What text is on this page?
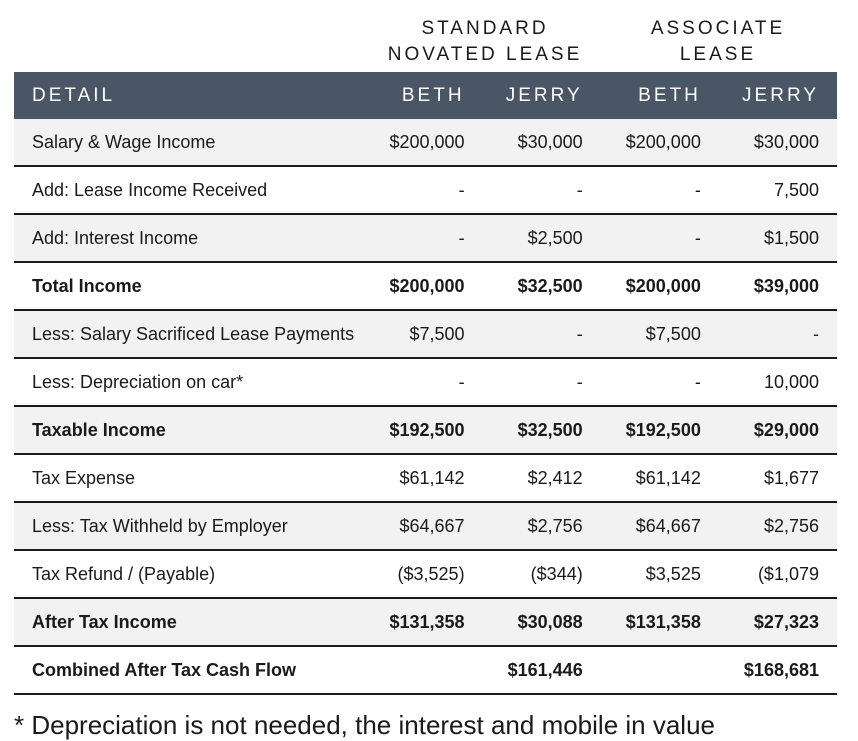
STANDARD
NOVATED LEASE
ASSOCIATE
LEASE
DETAIL	BETH	JERRY	BETH	JERRY
Salary & Wage Income	$200,000	$30,000	$200,000	$30,000
Add: Lease Income Received	-	-	-	7,500
Add: Interest Income	-	$2,500	-	$1,500
Total Income	$200,000	$32,500	$200,000	$39,000
Less: Salary Sacrificed Lease Payments	$7,500	-	$7,500	-
Less: Depreciation on car*	-	-	-	10,000
Taxable Income	$192,500	$32,500	$192,500	$29,000
Tax Expense	$61,142	$2,412	$61,142	$1,677
Less: Tax Withheld by Employer	$64,667	$2,756	$64,667	$2,756
Tax Refund / (Payable)	($3,525)	($344)	$3,525	($1,079
After Tax Income	$131,358	$30,088	$131,358	$27,323
Combined After Tax Cash Flow		$161,446		$168,681
* Depreciation is not needed, the interest and mobile in value
